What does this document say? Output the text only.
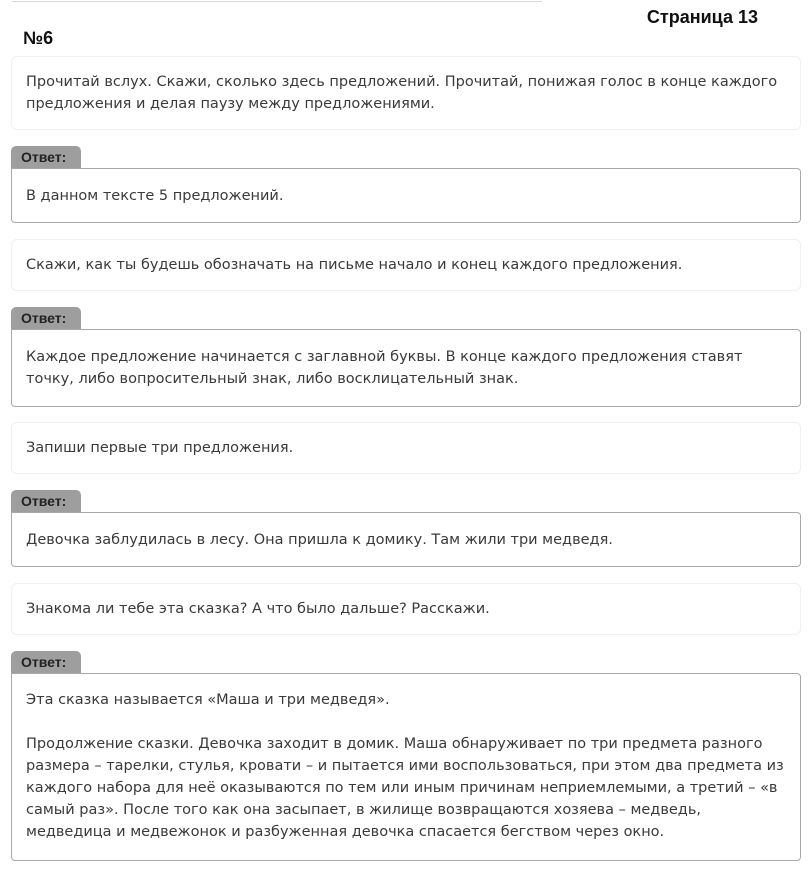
Страница 13
№6

Прочитай вслух. Скажи, сколько здесь предложений. Прочитай, понижая голос в конце каждого предложения и делая паузу между предложениями.

Ответ:

В данном тексте 5 предложений.

Скажи, как ты будешь обозначать на письме начало и конец каждого предложения.

Ответ:

Каждое предложение начинается с заглавной буквы. В конце каждого предложения ставят точку, либо вопросительный знак, либо восклицательный знак.

Запиши первые три предложения.

Ответ:

Девочка заблудилась в лесу. Она пришла к домику. Там жили три медведя.

Знакома ли тебе эта сказка? А что было дальше? Расскажи.

Ответ:

Эта сказка называется «Маша и три медведя».

Продолжение сказки. Девочка заходит в домик. Маша обнаруживает по три предмета разного размера – тарелки, стулья, кровати – и пытается ими воспользоваться, при этом два предмета из каждого набора для неё оказываются по тем или иным причинам неприемлемыми, а третий – «в самый раз». После того как она засыпает, в жилище возвращаются хозяева – медведь, медведица и медвежонок и разбуженная девочка спасается бегством через окно.
